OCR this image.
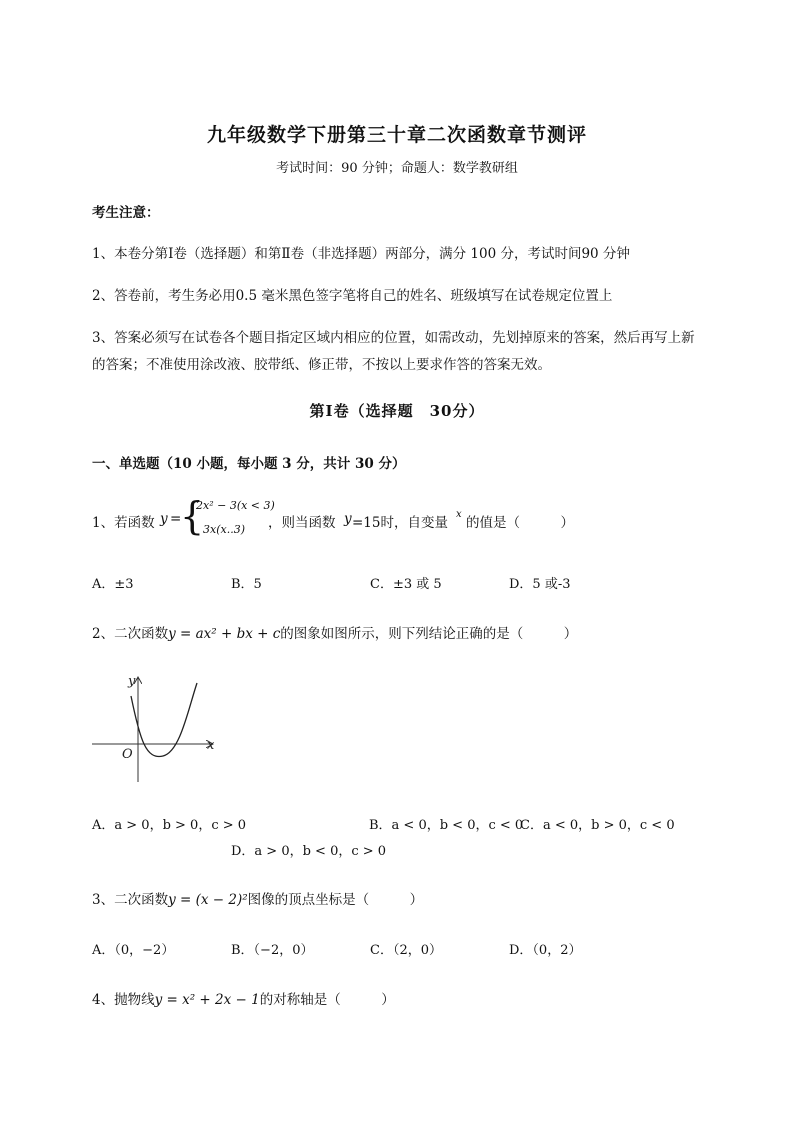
九年级数学下册第三十章二次函数章节测评
考试时间：90 分钟；命题人：数学教研组
考生注意：
1、本卷分第Ⅰ卷（选择题）和第Ⅱ卷（非选择题）两部分，满分 100 分，考试时间90 分钟
2、答卷前，考生务必用0.5 毫米黑色签字笔将自己的姓名、班级填写在试卷规定位置上
3、答案必须写在试卷各个题目指定区域内相应的位置，如需改动，先划掉原来的答案，然后再写上新
的答案；不准使用涂改液、胶带纸、修正带，不按以上要求作答的答案无效。
第Ⅰ卷（选择题　30分）
一、单选题（10 小题，每小题 3 分，共计 30 分）
1、若函数 y =
{
2x² − 3(x < 3)
3x(x..3) ，则当函数 y =15时，自变量
x
的值是（　　　）
A．±3	B．5	C．±3 或 5	D．5 或-3
2、二次函数y = ax² + bx + c的图象如图所示，则下列结论正确的是（　　　）
y
x
O
A．a > 0，b > 0，c > 0	B．a < 0，b < 0，c < 0
C．a < 0，b > 0，c < 0
D．a > 0，b < 0，c > 0
3、二次函数y = (x − 2)²图像的顶点坐标是（　　　）
A．（0，−2）	B．（−2，0）	C．（2，0）	D．（0，2）
4、抛物线y = x² + 2x − 1的对称轴是（　　　）
